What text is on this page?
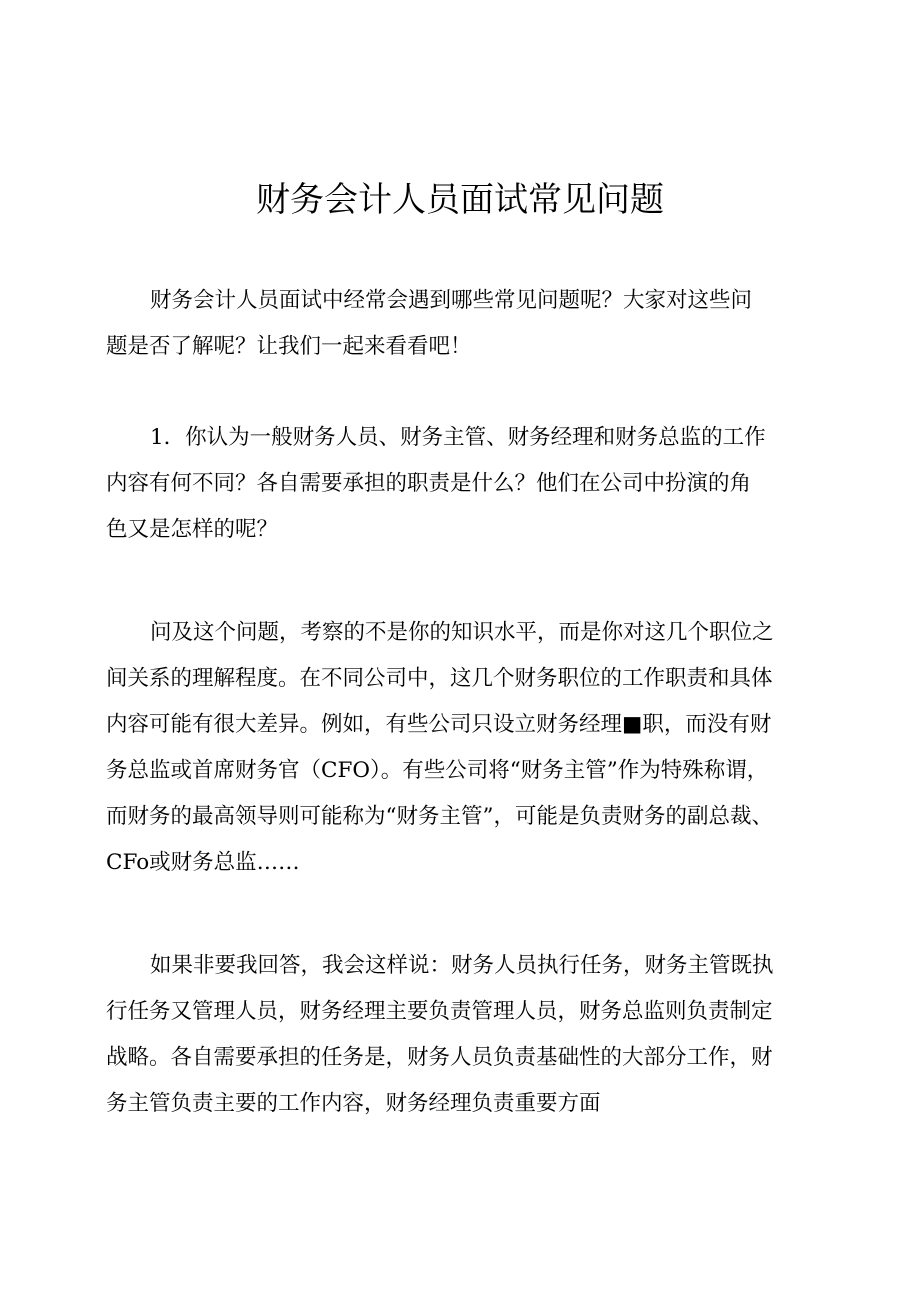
财务会计人员面试常见问题
财务会计人员面试中经常会遇到哪些常见问题呢？大家对这些问
题是否了解呢？让我们一起来看看吧！
1．你认为一般财务人员、财务主管、财务经理和财务总监的工作
内容有何不同？各自需要承担的职责是什么？他们在公司中扮演的角
色又是怎样的呢？
问及这个问题，考察的不是你的知识水平，而是你对这几个职位之
间关系的理解程度。在不同公司中，这几个财务职位的工作职责和具体
内容可能有很大差异。例如，有些公司只设立财务经理■职，而没有财
务总监或首席财务官（CFO）。有些公司将“财务主管”作为特殊称谓，
而财务的最高领导则可能称为“财务主管”，可能是负责财务的副总裁、
CFo或财务总监……
如果非要我回答，我会这样说：财务人员执行任务，财务主管既执
行任务又管理人员，财务经理主要负责管理人员，财务总监则负责制定
战略。各自需要承担的任务是，财务人员负责基础性的大部分工作，财
务主管负责主要的工作内容，财务经理负责重要方面
